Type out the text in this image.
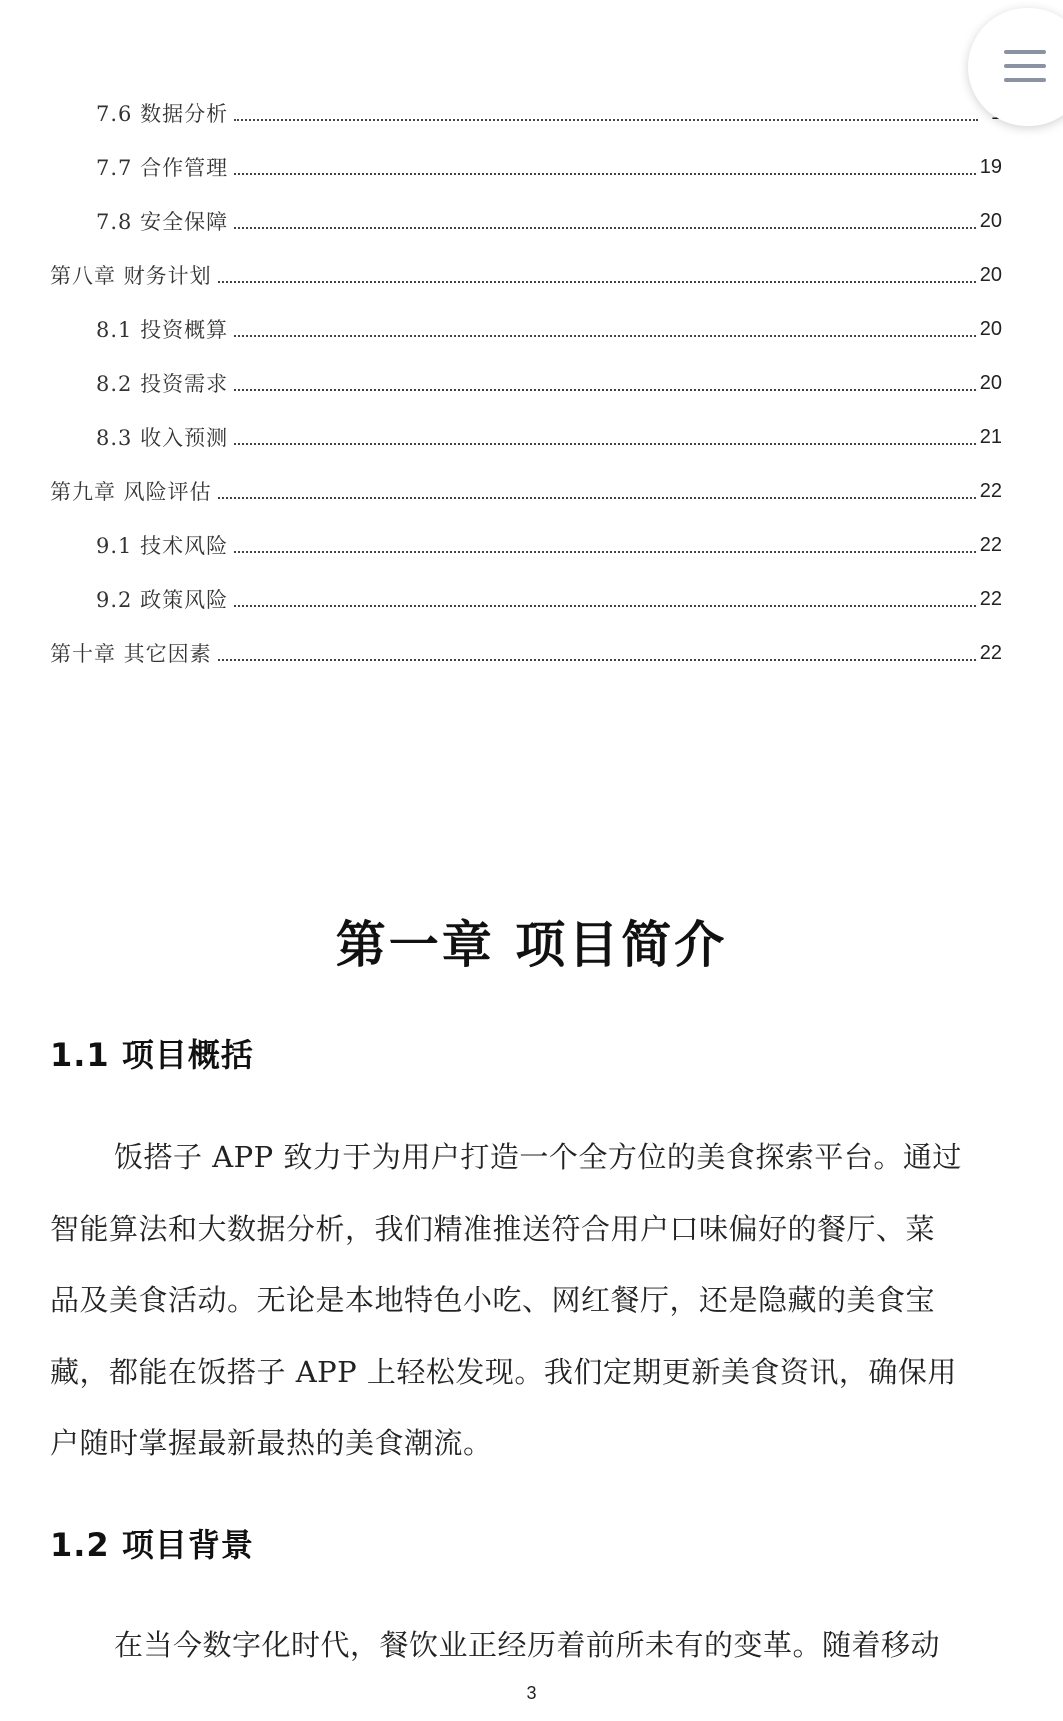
7.6 数据分析
7.7 合作管理	19
7.8 安全保障	20
第八章 财务计划	20
8.1 投资概算	20
8.2 投资需求	20
8.3 收入预测	21
第九章 风险评估	22
9.1 技术风险	22
9.2 政策风险	22
第十章 其它因素	22
第一章 项目简介
1.1 项目概括
饭搭子 APP 致力于为用户打造一个全方位的美食探索平台。通过
智能算法和大数据分析，我们精准推送符合用户口味偏好的餐厅、菜
品及美食活动。无论是本地特色小吃、网红餐厅，还是隐藏的美食宝
藏，都能在饭搭子 APP 上轻松发现。我们定期更新美食资讯，确保用
户随时掌握最新最热的美食潮流。
1.2 项目背景
在当今数字化时代，餐饮业正经历着前所未有的变革。随着移动
3
